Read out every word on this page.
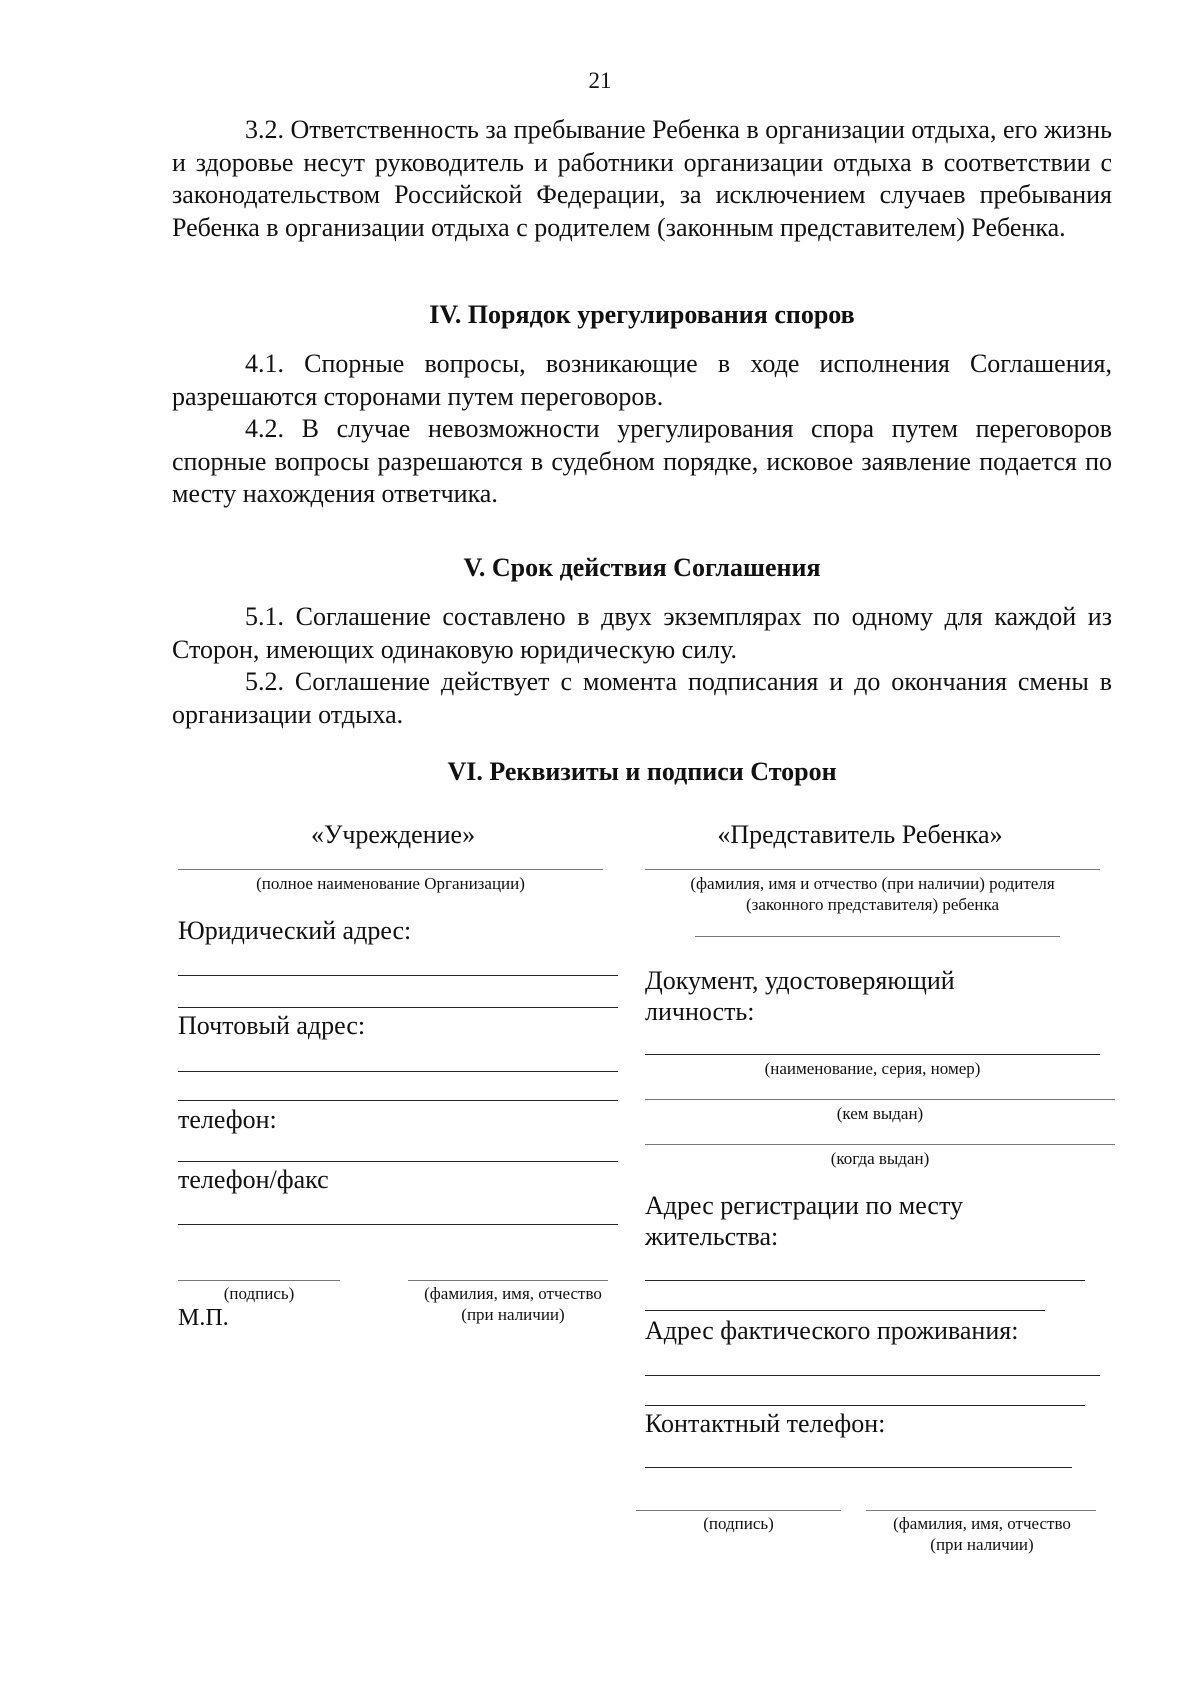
21

3.2. Ответственность за пребывание Ребенка в организации отдыха, его жизнь и здоровье несут руководитель и работники организации отдыха в соответствии с законодательством Российской Федерации, за исключением случаев пребывания Ребенка в организации отдыха с родителем (законным представителем) Ребенка.

IV. Порядок урегулирования споров

4.1. Спорные вопросы, возникающие в ходе исполнения Соглашения, разрешаются сторонами путем переговоров.

4.2. В случае невозможности урегулирования спора путем переговоров спорные вопросы разрешаются в судебном порядке, исковое заявление подается по месту нахождения ответчика.

V. Срок действия Соглашения

5.1. Соглашение составлено в двух экземплярах по одному для каждой из Сторон, имеющих одинаковую юридическую силу.

5.2. Соглашение действует с момента подписания и до окончания смены в организации отдыха.

VI. Реквизиты и подписи Сторон
«Учреждение»
(полное наименование Организации)
Юридический адрес:
Почтовый адрес:
телефон:
телефон/факс
(подпись)
М.П.
(фамилия, имя, отчество
(при наличии)
«Представитель Ребенка»
(фамилия, имя и отчество (при наличии) родителя
(законного представителя) ребенка
Документ, удостоверяющий
личность:
(наименование, серия, номер)
(кем выдан)
(когда выдан)
Адрес регистрации по месту
жительства:
Адрес фактического проживания:
Контактный телефон:
(подпись)	(фамилия, имя, отчество
(при наличии)
